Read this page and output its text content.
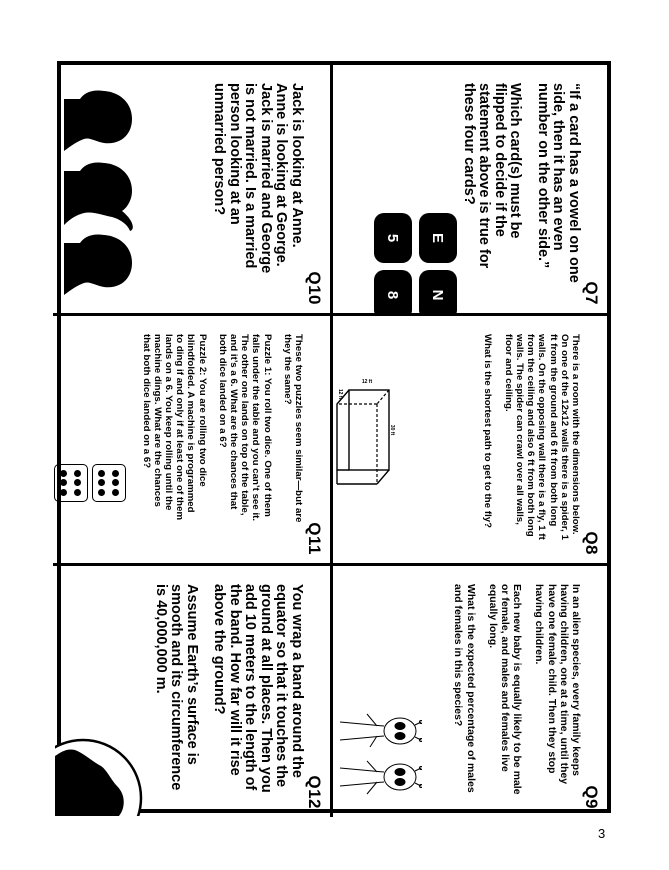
Q7

“If a card has a vowel on one side, then it has an even number on the other side.”

Which card(s) must be flipped to decide if the statement above is true for these four cards?

E
N
5
8
Q8

There is a room with the dimensions below. On one of the 12x12 walls there is a spider, 1 ft from the ground and 6 ft from both long walls. On the opposing wall there is a fly, 1 ft from the ceiling and also 6 ft from both long walls. The spider can crawl over all walls, floor and ceiling.

What is the shortest path to get to the fly?

30 ft
12 ft
12 ft
Q9

In an alien species, every family keeps having children, one at a time, until they have one female child. Then they stop having children.

Each new baby is equally likely to be male or female, and males and females live equally long.

What is the expected percentage of males and females in this species?

Q10

Jack is looking at Anne. Anne is looking at George. Jack is married and George is not married. Is a married person looking at an unmarried person?

Q11

These two puzzles seem similar—but are they the same?

Puzzle 1: You roll two dice. One of them falls under the table and you can’t see it. The other one lands on top of the table, and it’s a 6. What are the chances that both dice landed on a 6?

Puzzle 2: You are rolling two dice blindfolded. A machine is programmed to ding if and only if at least one of them lands on a 6. You keep rolling until the machine dings. What are the chances that both dice landed on a 6?

Q12

You wrap a band around the equator so that it touches the ground at all places. Then you add 10 meters to the length of the band. How far will it rise above the ground?

Assume Earth’s surface is smooth and its circumference is 40,000,000 m.

3
